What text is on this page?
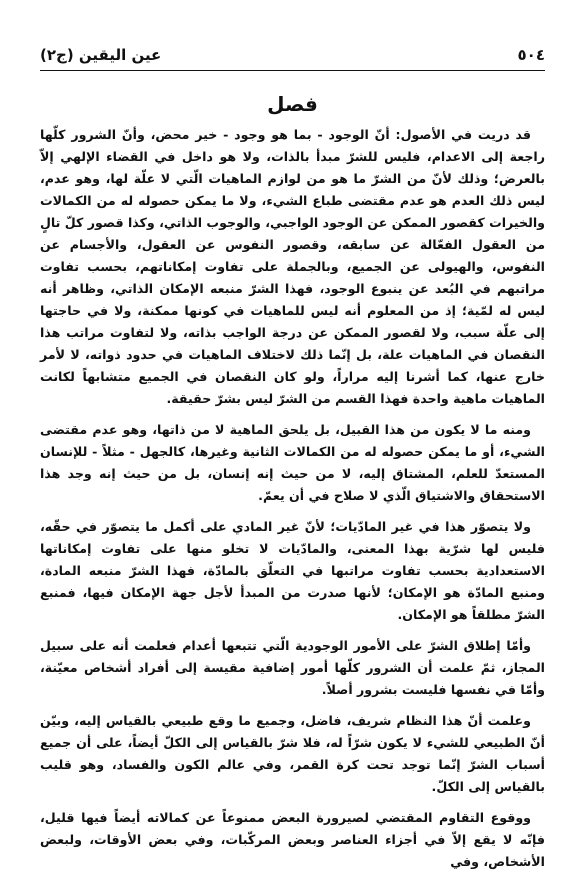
٥٠٤
عين اليقين (ج٢)
فصل

قد دريت في الأصول: أنّ الوجود - بما هو وجود - خير محض، وأنّ الشرور كلّها راجعة إلى الاعدام، فليس للشرّ مبدأ بالذات، ولا هو داخل في القضاء الإلهي إلاّ بالعرض؛ وذلك لأنّ من الشرّ ما هو من لوازم الماهيات الّتي لا علّة لها، وهو عدم، ليس ذلك العدم هو عدم مقتضى طباع الشيء، ولا ما يمكن حصوله له من الكمالات والخيرات كقصور الممكن عن الوجود الواجبي، والوجوب الذاتي، وكذا قصور كلّ تالٍ من العقول الفعّالة عن سابقه، وقصور النفوس عن العقول، والأجسام عن النفوس، والهيولى عن الجميع، وبالجملة على تفاوت إمكاناتهم، بحسب تفاوت مراتبهم في البُعد عن ينبوع الوجود، فهذا الشرّ منبعه الإمكان الذاتي، وظاهر أنه ليس له لمّية؛ إذ من المعلوم أنه ليس للماهيات في كونها ممكنة، ولا في حاجتها إلى علّة سبب، ولا لقصور الممكن عن درجة الواجب بذاته، ولا لتفاوت مراتب هذا النقصان في الماهيات علة، بل إنّما ذلك لاختلاف الماهيات في حدود ذواته، لا لأمر خارج عنها، كما أشرنا إليه مراراً، ولو كان النقصان في الجميع متشابهاً لكانت الماهيات ماهية واحدة فهذا القسم من الشرّ ليس بشرّ حقيقة.

ومنه ما لا يكون من هذا القبيل، بل يلحق الماهية لا من ذاتها، وهو عدم مقتضى الشيء، أو ما يمكن حصوله له من الكمالات الثانية وغيرها، كالجهل - مثلاً - للإنسان المستعدّ للعلم، المشتاق إليه، لا من حيث إنه إنسان، بل من حيث إنه وجد هذا الاستحقاق والاشتياق الّذي لا صلاح في أن يعمّ.

ولا يتصوّر هذا في غير المادّيات؛ لأنّ غير المادي على أكمل ما يتصوّر في حقّه، فليس لها شرّية بهذا المعنى، والمادّيات لا تخلو منها على تفاوت إمكاناتها الاستعدادية بحسب تفاوت مراتبها في التعلّق بالمادّة، فهذا الشرّ منبعه المادة، ومنبع المادّة هو الإمكان؛ لأنها صدرت من المبدأ لأجل جهة الإمكان فيها، فمنبع الشرّ مطلقاً هو الإمكان.

وأمّا إطلاق الشرّ على الأمور الوجودية الّتي تتبعها أعدام فعلمت أنه على سبيل المجاز، ثمّ علمت أن الشرور كلّها أمور إضافية مقيسة إلى أفراد أشخاص معيّنة، وأمّا في نفسها فليست بشرور أصلاً.

وعلمت أنّ هذا النظام شريف، فاضل، وجميع ما وقع طبيعي بالقياس إليه، وبيّن أنّ الطبيعي للشيء لا يكون شرّاً له، فلا شرّ بالقياس إلى الكلّ أيضاً، على أن جميع أسباب الشرّ إنّما توجد تحت كرة القمر، وفي عالم الكون والفساد، وهو قليب بالقياس إلى الكلّ.

ووقوع التقاوم المقتضي لصيرورة البعض ممنوعاً عن كمالاته أيضاً فيها قليل، فإنّه لا يقع إلاّ في أجزاء العناصر وبعض المركّبات، وفي بعض الأوقات، ولبعض الأشخاص، وفي
